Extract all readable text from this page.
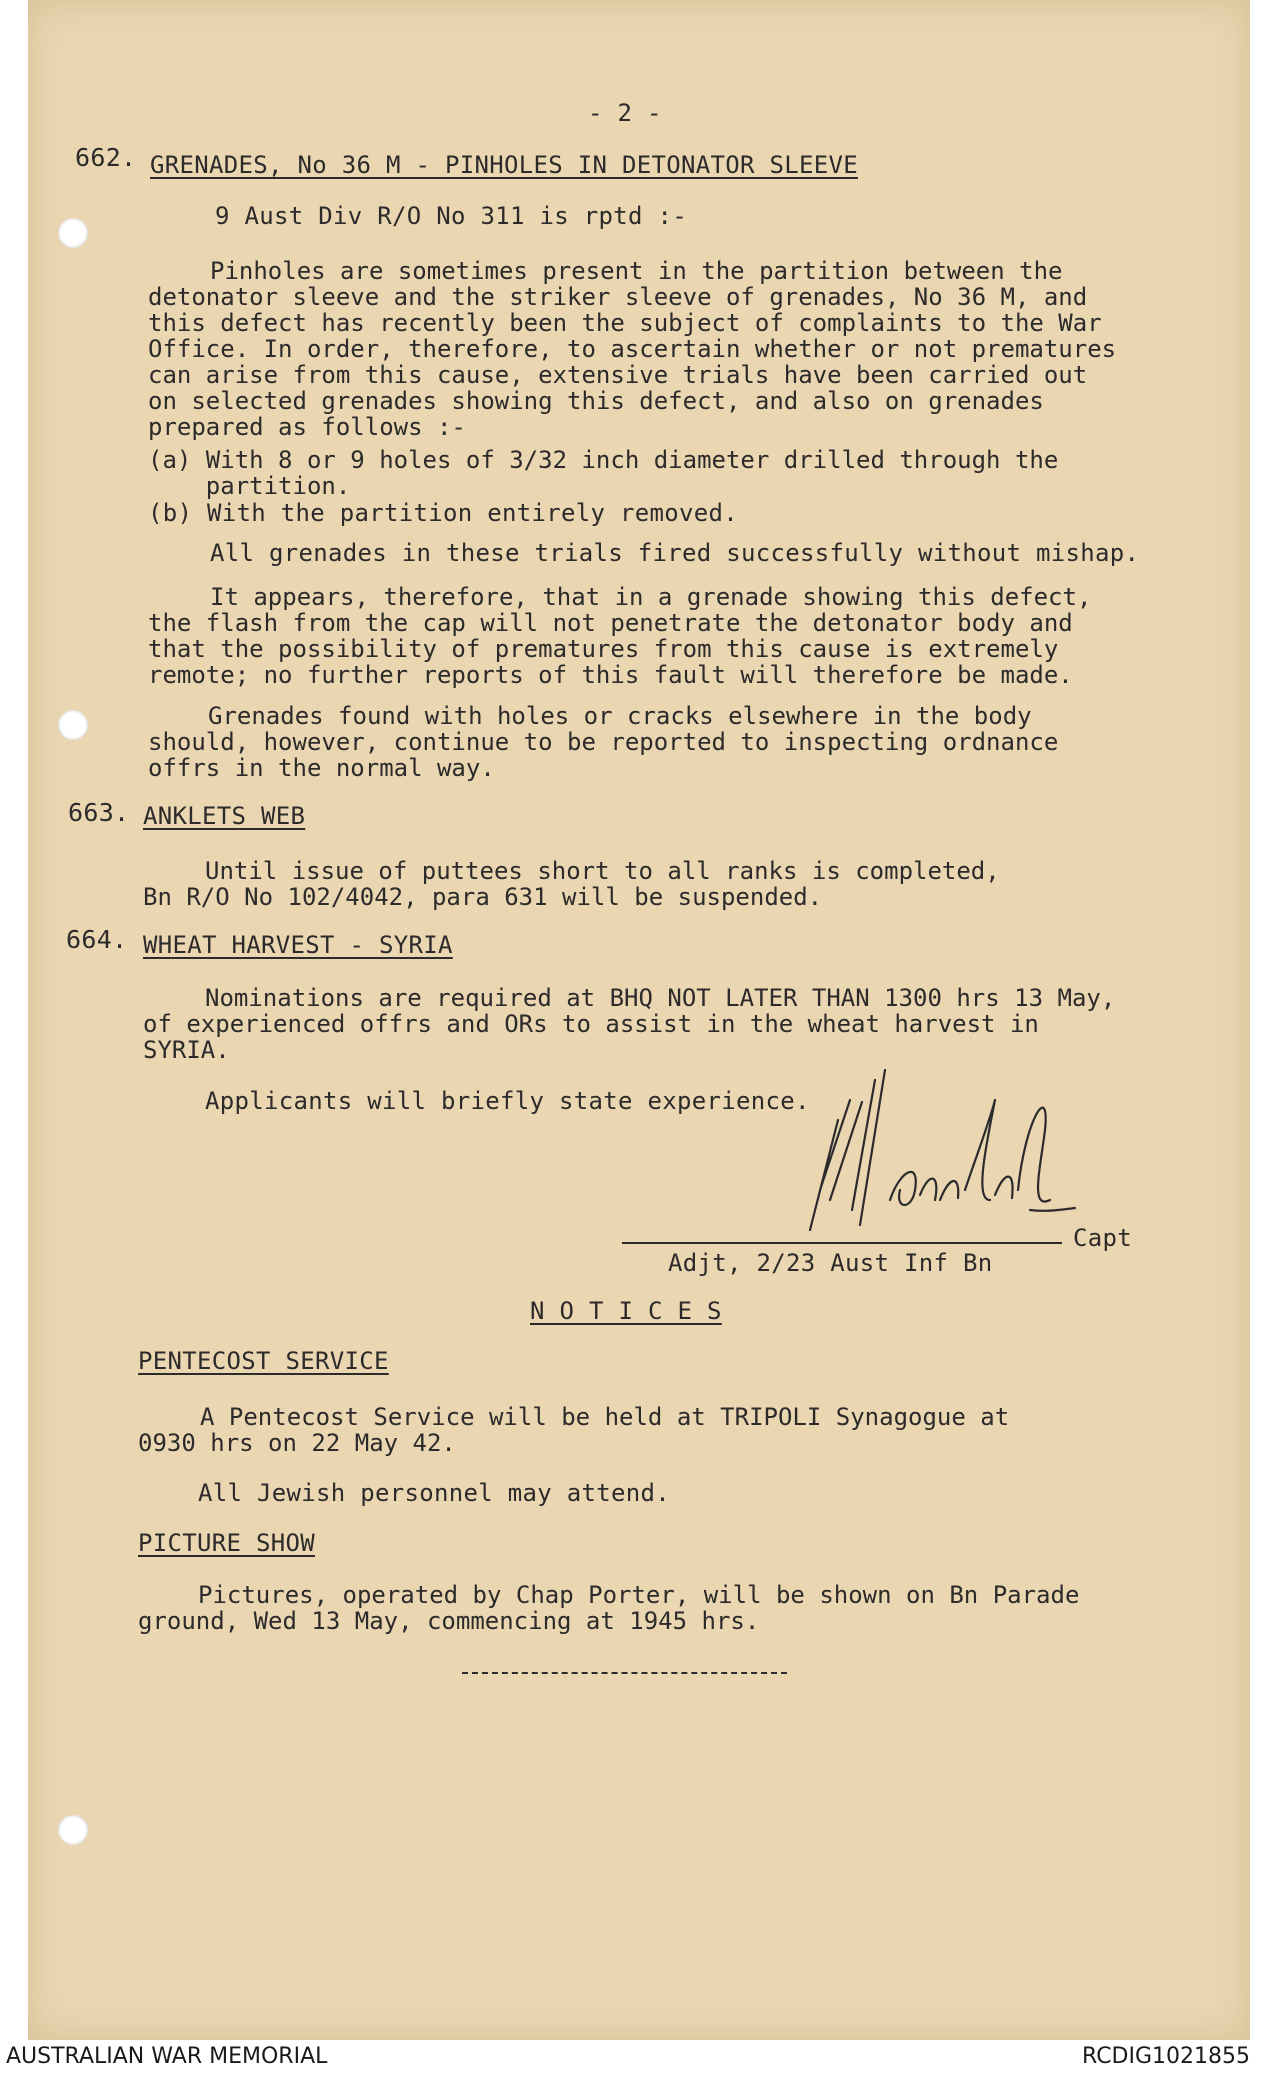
- 2 -
662. GRENADES, No 36 M - PINHOLES IN DETONATOR SLEEVE
9 Aust Div R/O No 311 is rptd :-
Pinholes are sometimes present in the partition between the
detonator sleeve and the striker sleeve of grenades, No 36 M, and
this defect has recently been the subject of complaints to the War
Office. In order, therefore, to ascertain whether or not prematures
can arise from this cause, extensive trials have been carried out
on selected grenades showing this defect, and also on grenades
prepared as follows :-
(a) With 8 or 9 holes of 3/32 inch diameter drilled through the
partition.
(b) With the partition entirely removed.
All grenades in these trials fired successfully without mishap.
It appears, therefore, that in a grenade showing this defect,
the flash from the cap will not penetrate the detonator body and
that the possibility of prematures from this cause is extremely
remote; no further reports of this fault will therefore be made.
Grenades found with holes or cracks elsewhere in the body
should, however, continue to be reported to inspecting ordnance
offrs in the normal way.
663. ANKLETS WEB
Until issue of puttees short to all ranks is completed,
Bn R/O No 102/4042, para 631 will be suspended.
664. WHEAT HARVEST - SYRIA
Nominations are required at BHQ NOT LATER THAN 1300 hrs 13 May,
of experienced offrs and ORs to assist in the wheat harvest in
SYRIA.
Applicants will briefly state experience.
Capt
Adjt, 2/23 Aust Inf Bn
N O T I C E S
PENTECOST SERVICE
A Pentecost Service will be held at TRIPOLI Synagogue at
0930 hrs on 22 May 42.
All Jewish personnel may attend.
PICTURE SHOW
Pictures, operated by Chap Porter, will be shown on Bn Parade
ground, Wed 13 May, commencing at 1945 hrs.
AUSTRALIAN WAR MEMORIAL	RCDIG1021855
